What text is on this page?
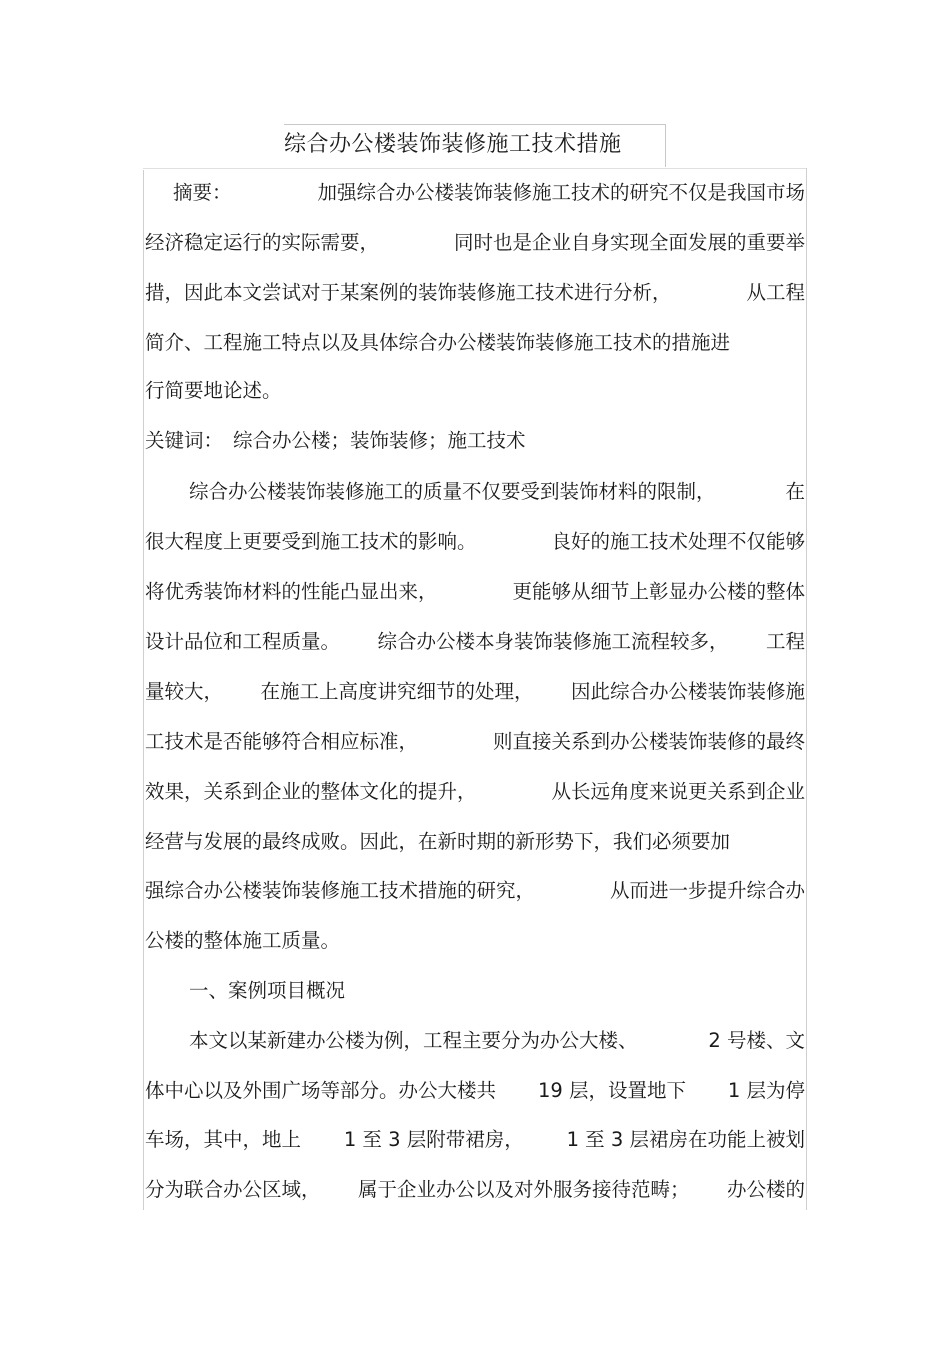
综合办公楼装饰装修施工技术措施
摘要：	加强综合办公楼装饰装修施工技术的研究不仅是我国市场
经济稳定运行的实际需要，	同时也是企业自身实现全面发展的重要举
措，因此本文尝试对于某案例的装饰装修施工技术进行分析，	从工程
简介、工程施工特点以及具体综合办公楼装饰装修施工技术的措施进
行简要地论述。
关键词： 综合办公楼；装饰装修；施工技术
综合办公楼装饰装修施工的质量不仅要受到装饰材料的限制，	在
很大程度上更要受到施工技术的影响。	良好的施工技术处理不仅能够
将优秀装饰材料的性能凸显出来，	更能够从细节上彰显办公楼的整体
设计品位和工程质量。 综合办公楼本身装饰装修施工流程较多， 工程
量较大， 在施工上高度讲究细节的处理， 因此综合办公楼装饰装修施
工技术是否能够符合相应标准，	则直接关系到办公楼装饰装修的最终
效果，关系到企业的整体文化的提升，	从长远角度来说更关系到企业
经营与发展的最终成败。因此，在新时期的新形势下，我们必须要加
强综合办公楼装饰装修施工技术措施的研究，	从而进一步提升综合办
公楼的整体施工质量。
一、案例项目概况
本文以某新建办公楼为例，工程主要分为办公大楼、	2 号楼、文
体中心以及外围广场等部分。办公大楼共 19 层，设置地下 1 层为停
车场，其中，地上 1 至 3 层附带裙房， 1 至 3 层裙房在功能上被划
分为联合办公区域， 属于企业办公以及对外服务接待范畴； 办公楼的
